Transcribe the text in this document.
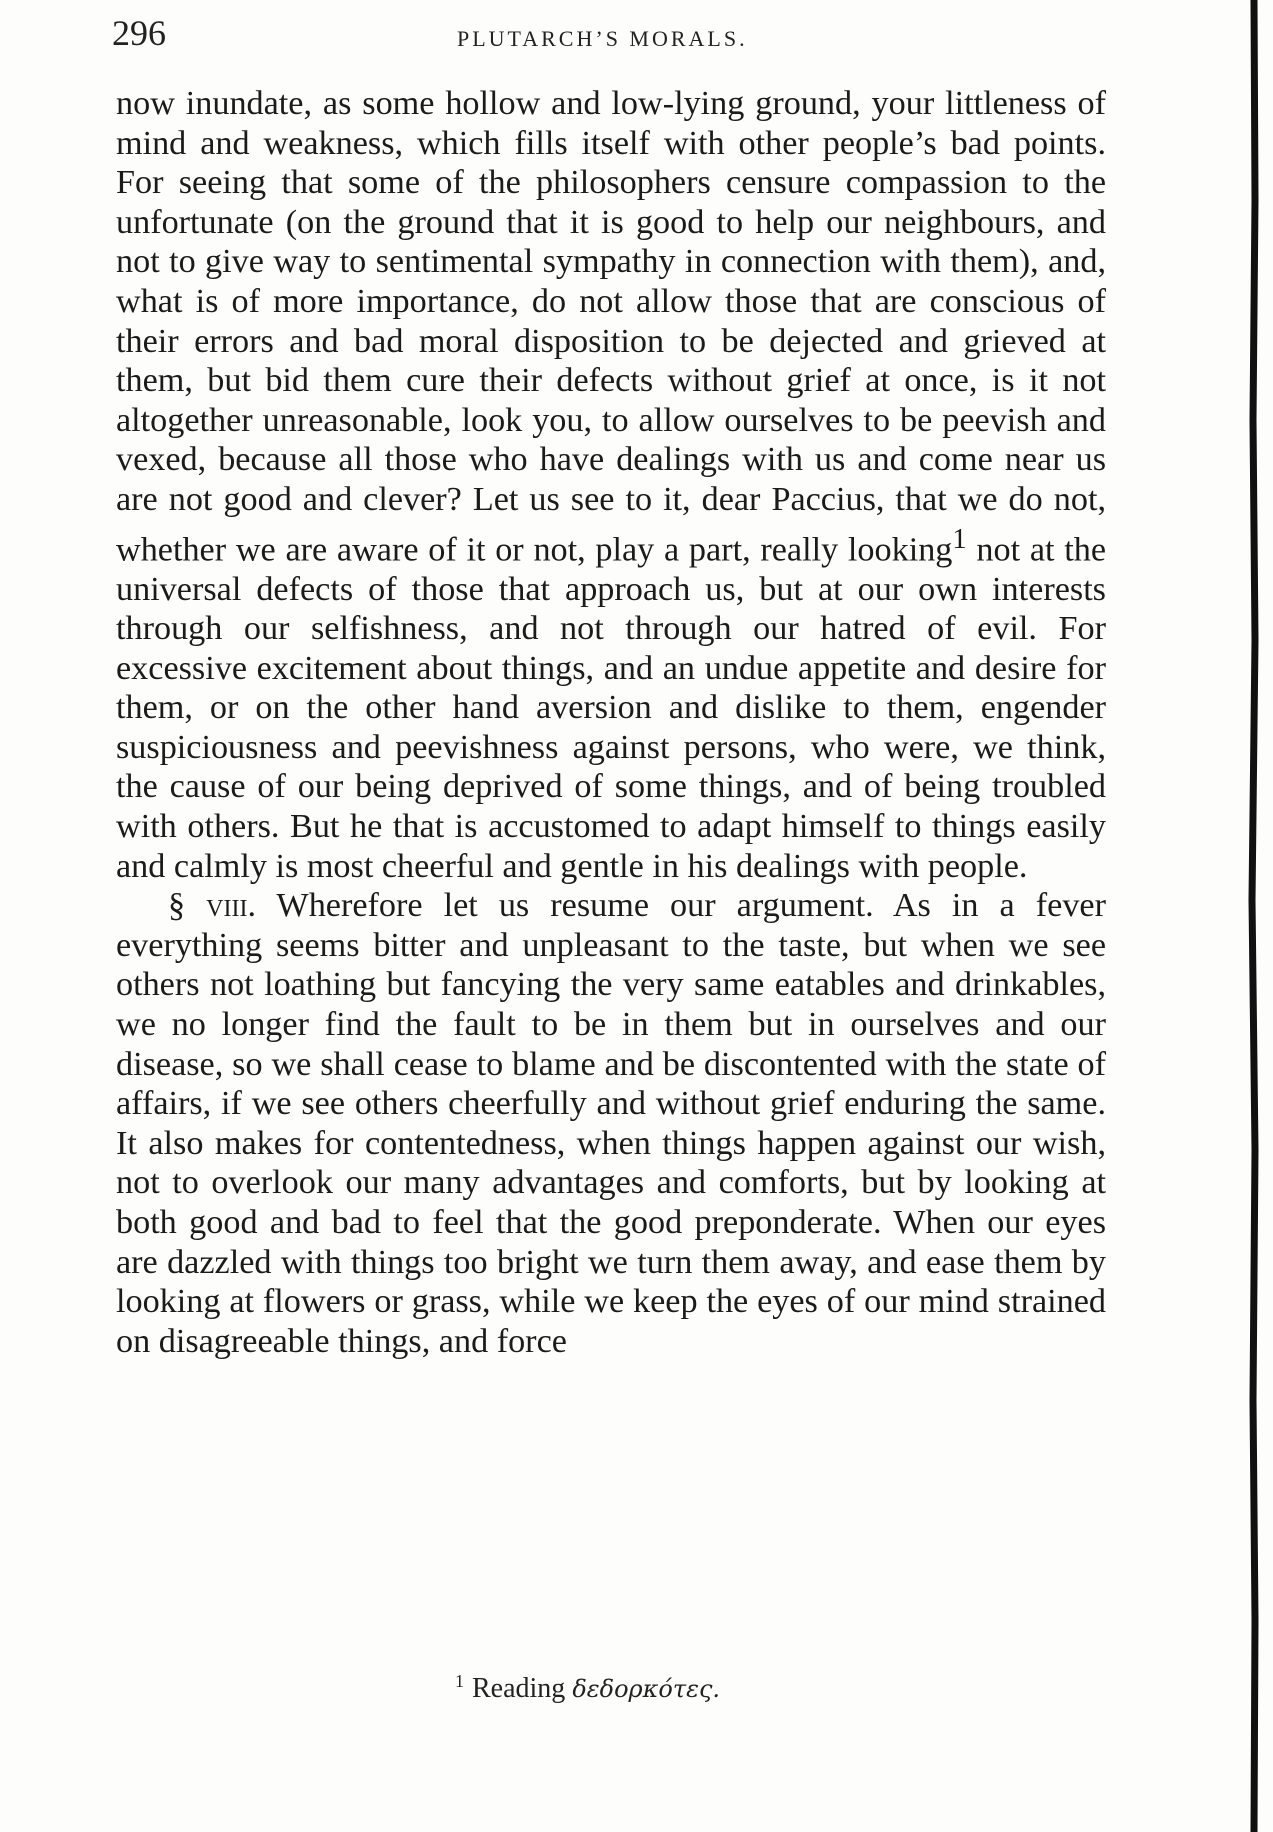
296	PLUTARCH’S MORALS.

now inundate, as some hollow and low-lying ground, your littleness of mind and weakness, which fills itself with other people’s bad points. For seeing that some of the philosophers censure compassion to the unfortunate (on the ground that it is good to help our neighbours, and not to give way to sentimental sympathy in connection with them), and, what is of more importance, do not allow those that are conscious of their errors and bad moral disposition to be dejected and grieved at them, but bid them cure their defects without grief at once, is it not altogether unreasonable, look you, to allow ourselves to be peevish and vexed, because all those who have dealings with us and come near us are not good and clever? Let us see to it, dear Paccius, that we do not, whether we are aware of it or not, play a part, really looking$^1$ not at the universal defects of those that approach us, but at our own interests through our selfishness, and not through our hatred of evil. For excessive excitement about things, and an undue appetite and desire for them, or on the other hand aversion and dislike to them, engender suspiciousness and peevishness against persons, who were, we think, the cause of our being deprived of some things, and of being troubled with others. But he that is accustomed to adapt himself to things easily and calmly is most cheerful and gentle in his dealings with people.

§ viii. Wherefore let us resume our argument. As in a fever everything seems bitter and unpleasant to the taste, but when we see others not loathing but fancying the very same eatables and drinkables, we no longer find the fault to be in them but in ourselves and our disease, so we shall cease to blame and be discontented with the state of affairs, if we see others cheerfully and without grief enduring the same. It also makes for contentedness, when things happen against our wish, not to overlook our many advantages and comforts, but by looking at both good and bad to feel that the good preponderate. When our eyes are dazzled with things too bright we turn them away, and ease them by looking at flowers or grass, while we keep the eyes of our mind strained on disagreeable things, and force

$^1$ Reading δεδορκότες.
